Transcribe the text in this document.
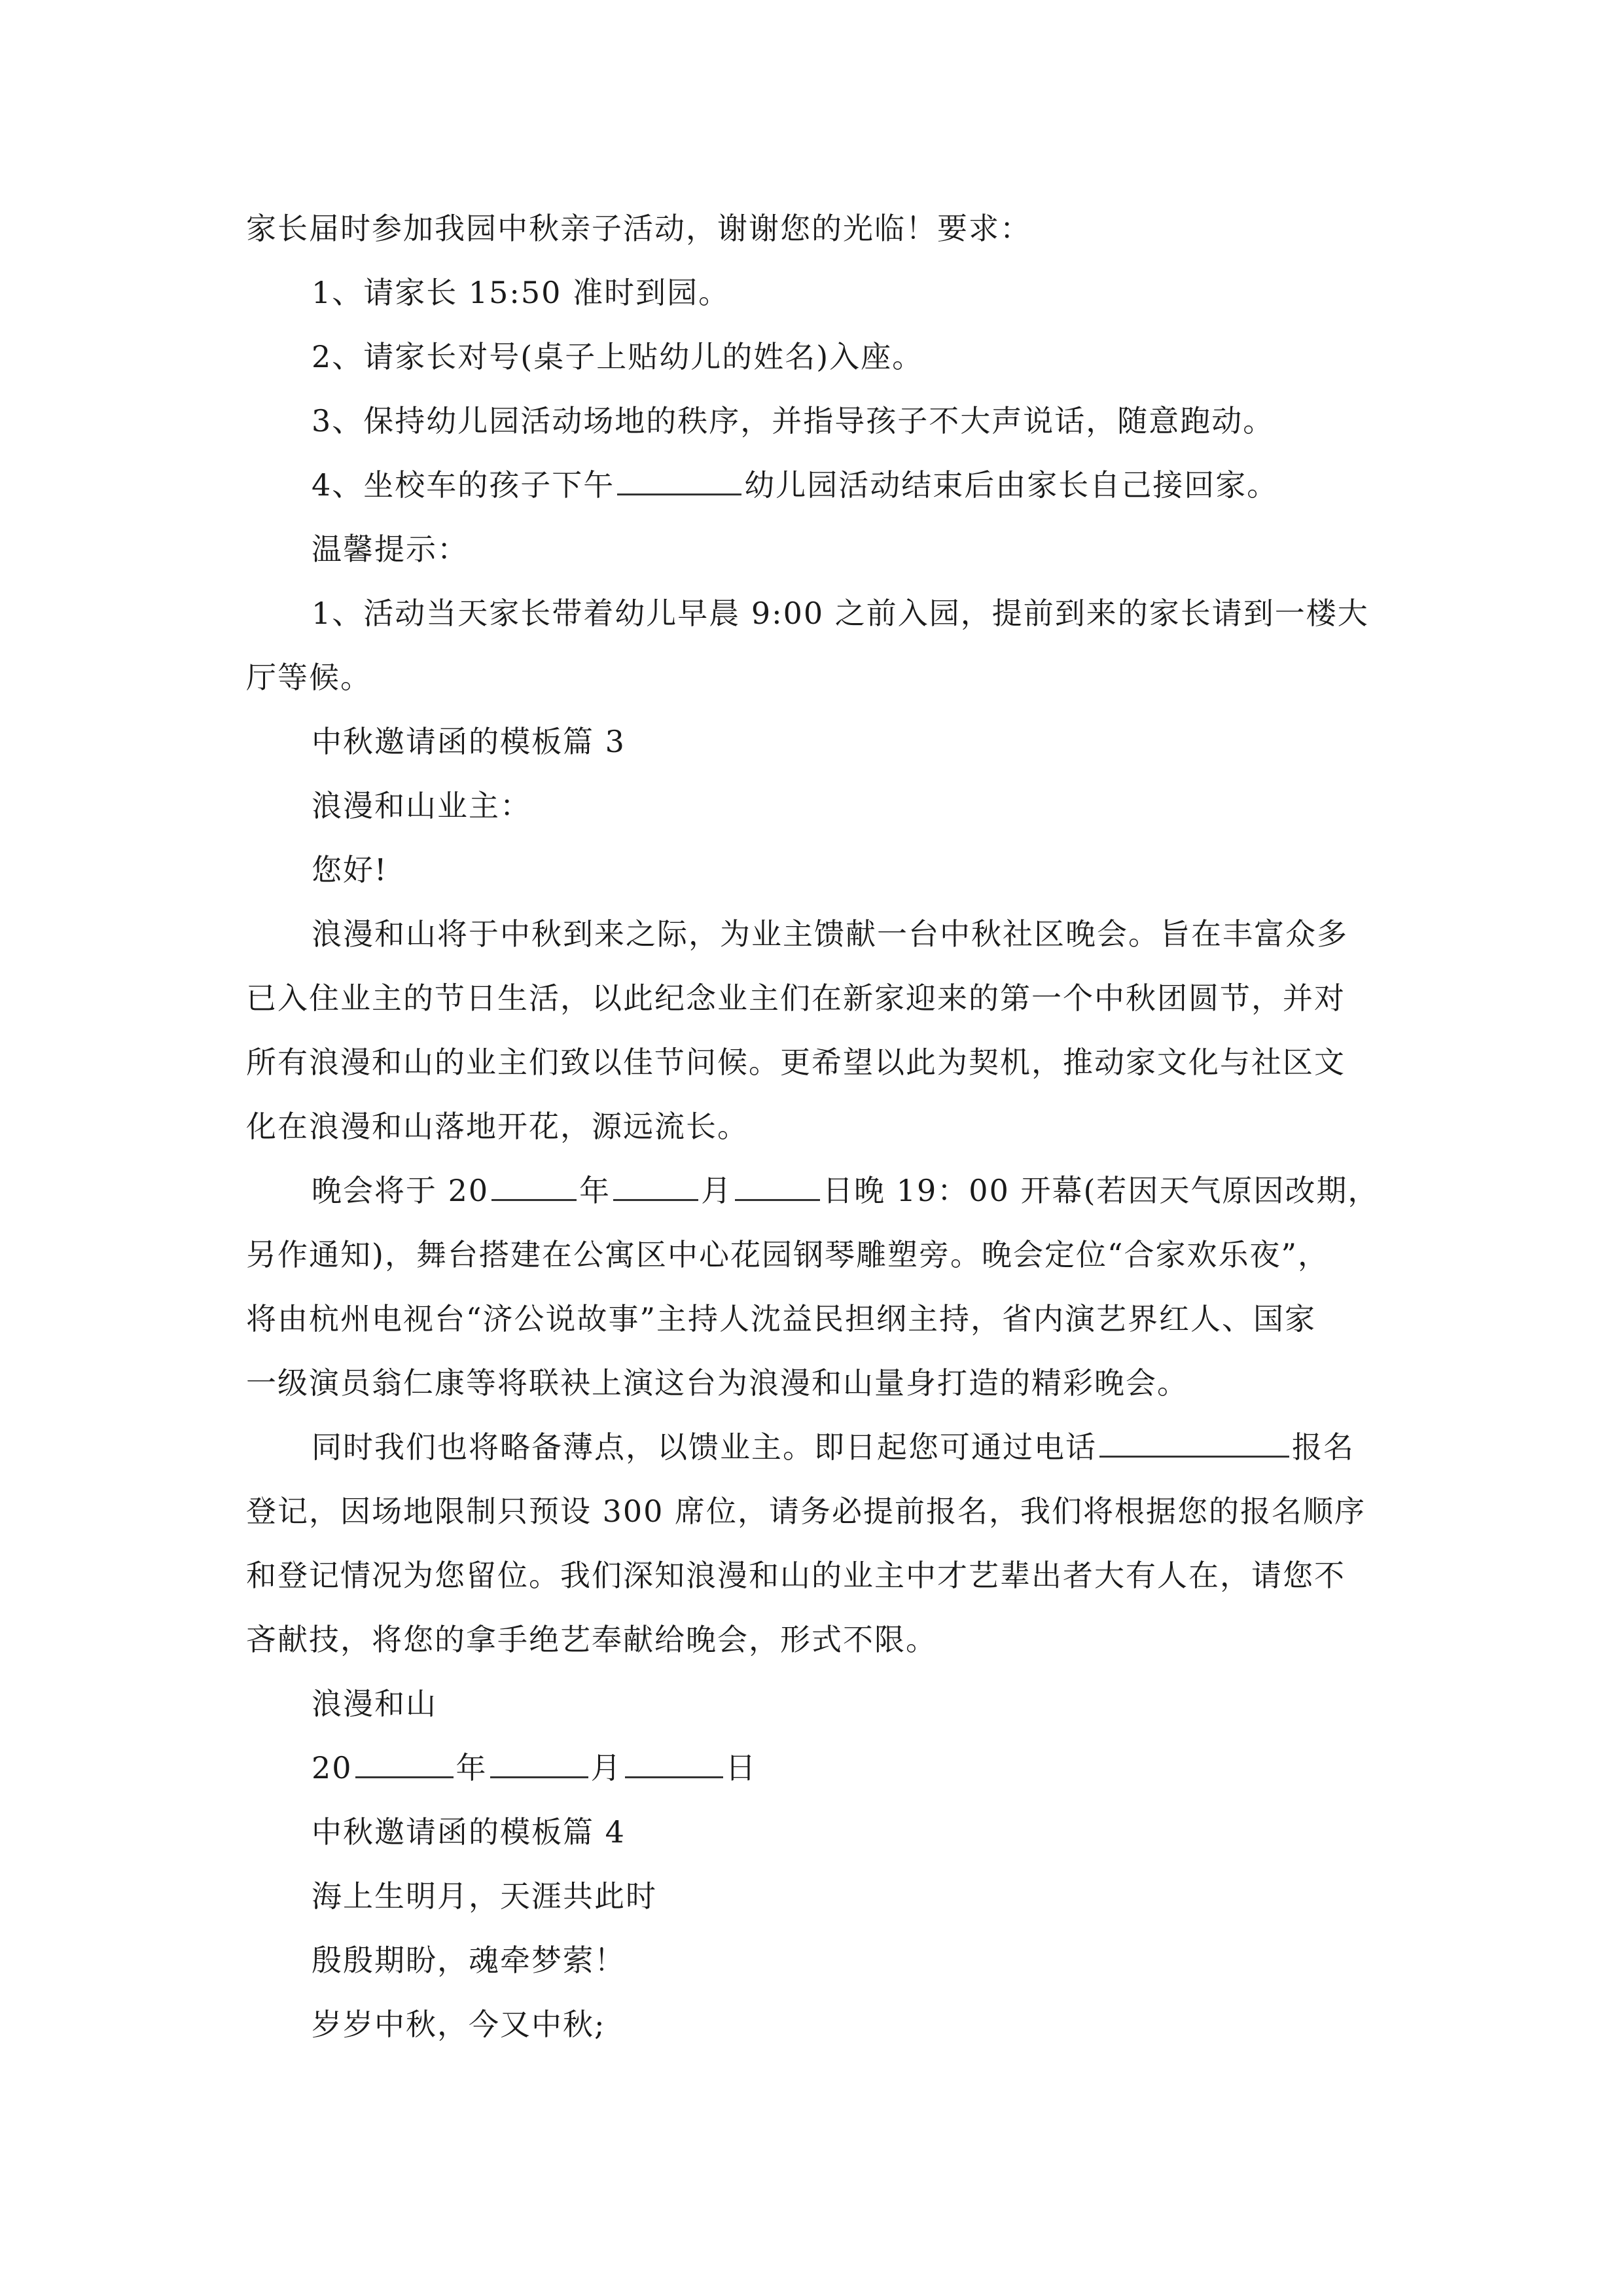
家长届时参加我园中秋亲子活动，谢谢您的光临！要求：
1、请家长 15:50 准时到园。
2、请家长对号(桌子上贴幼儿的姓名)入座。
3、保持幼儿园活动场地的秩序，并指导孩子不大声说话，随意跑动。
4、坐校车的孩子下午	幼儿园活动结束后由家长自己接回家。
温馨提示：
1、活动当天家长带着幼儿早晨 9:00 之前入园，提前到来的家长请到一楼大
厅等候。
中秋邀请函的模板篇 3
浪漫和山业主：
您好!
浪漫和山将于中秋到来之际，为业主馈献一台中秋社区晚会。旨在丰富众多
已入住业主的节日生活，以此纪念业主们在新家迎来的第一个中秋团圆节，并对
所有浪漫和山的业主们致以佳节问候。更希望以此为契机，推动家文化与社区文
化在浪漫和山落地开花，源远流长。
晚会将于 20	年	月	日晚 19：00 开幕(若因天气原因改期，
另作通知)，舞台搭建在公寓区中心花园钢琴雕塑旁。晚会定位“合家欢乐夜”，
将由杭州电视台“济公说故事”主持人沈益民担纲主持，省内演艺界红人、国家
一级演员翁仁康等将联袂上演这台为浪漫和山量身打造的精彩晚会。
同时我们也将略备薄点，以馈业主。即日起您可通过电话	报名
登记，因场地限制只预设 300 席位，请务必提前报名，我们将根据您的报名顺序
和登记情况为您留位。我们深知浪漫和山的业主中才艺辈出者大有人在，请您不
吝献技，将您的拿手绝艺奉献给晚会，形式不限。
浪漫和山
20	年	月	日
中秋邀请函的模板篇 4
海上生明月，天涯共此时
殷殷期盼，魂牵梦萦！
岁岁中秋，今又中秋;
